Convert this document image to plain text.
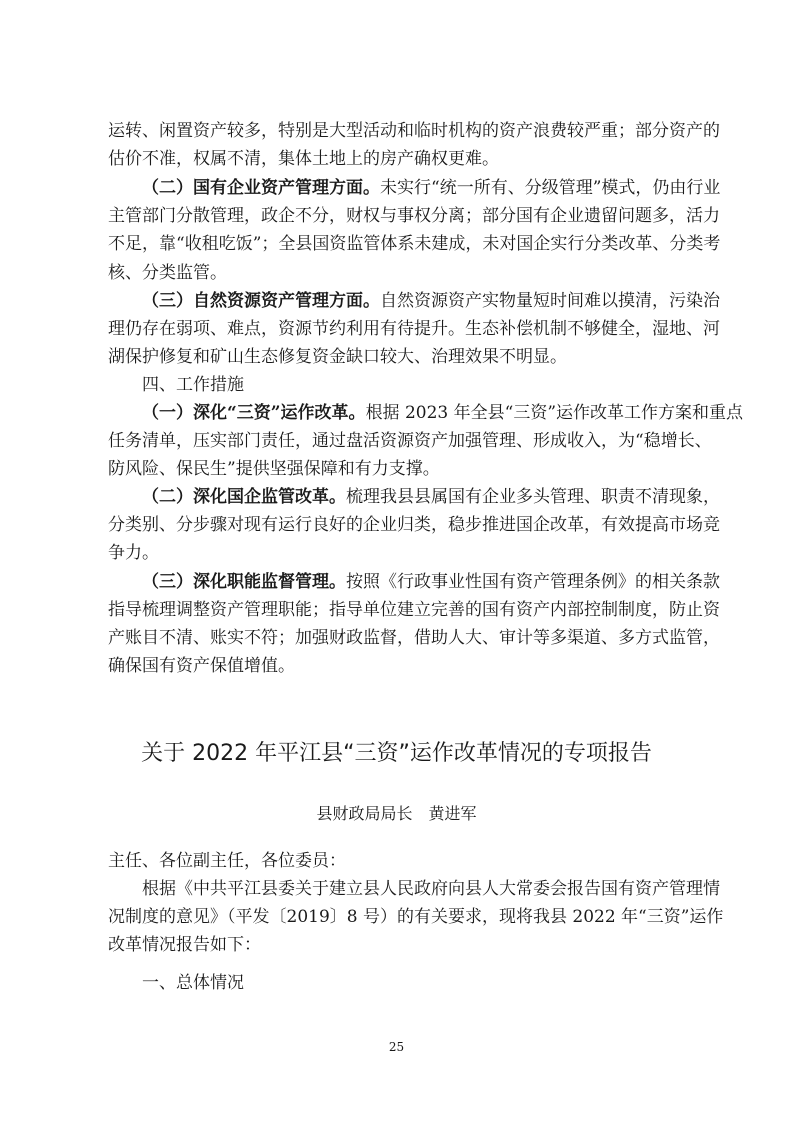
运转、闲置资产较多，特别是大型活动和临时机构的资产浪费较严重；部分资产的
估价不准，权属不清，集体土地上的房产确权更难。
（二）国有企业资产管理方面。未实行“统一所有、分级管理”模式，仍由行业
主管部门分散管理，政企不分，财权与事权分离；部分国有企业遗留问题多，活力
不足，靠“收租吃饭”；全县国资监管体系未建成，未对国企实行分类改革、分类考
核、分类监管。
（三）自然资源资产管理方面。自然资源资产实物量短时间难以摸清，污染治
理仍存在弱项、难点，资源节约利用有待提升。生态补偿机制不够健全，湿地、河
湖保护修复和矿山生态修复资金缺口较大、治理效果不明显。
四、工作措施
（一）深化“三资”运作改革。根据 2023 年全县“三资”运作改革工作方案和重点
任务清单，压实部门责任，通过盘活资源资产加强管理、形成收入，为“稳增长、
防风险、保民生”提供坚强保障和有力支撑。
（二）深化国企监管改革。梳理我县县属国有企业多头管理、职责不清现象，
分类别、分步骤对现有运行良好的企业归类，稳步推进国企改革，有效提高市场竞
争力。
（三）深化职能监督管理。按照《行政事业性国有资产管理条例》的相关条款
指导梳理调整资产管理职能；指导单位建立完善的国有资产内部控制制度，防止资
产账目不清、账实不符；加强财政监督，借助人大、审计等多渠道、多方式监管，
确保国有资产保值增值。
关于 2022 年平江县“三资”运作改革情况的专项报告
县财政局局长　黄进军
主任、各位副主任，各位委员：
根据《中共平江县委关于建立县人民政府向县人大常委会报告国有资产管理情
况制度的意见》（平发〔2019〕8 号）的有关要求，现将我县 2022 年“三资”运作
改革情况报告如下：
一、总体情况
25
